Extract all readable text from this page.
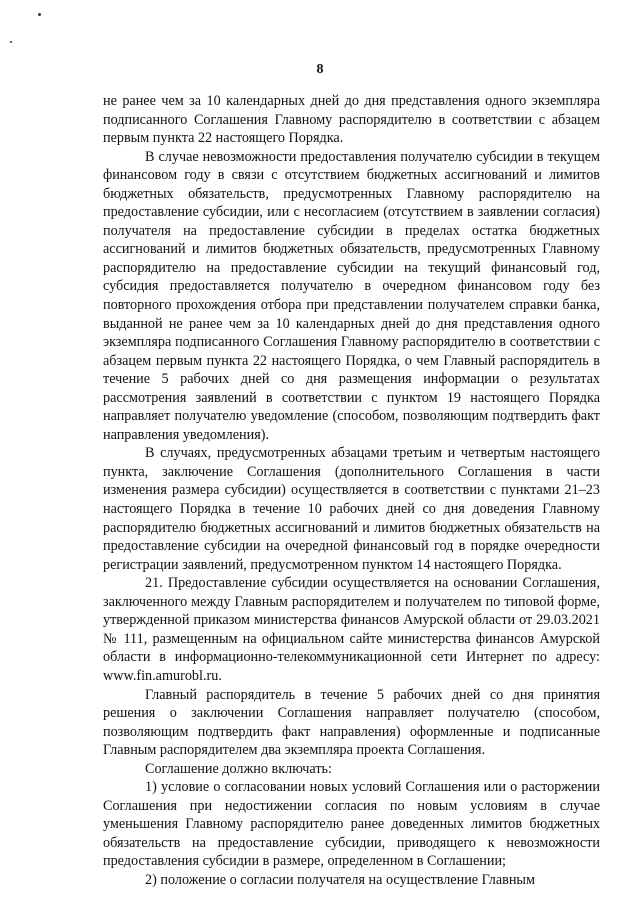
8

не ранее чем за 10 календарных дней до дня представления одного экземпляра подписанного Соглашения Главному распорядителю в соответствии с абзацем первым пункта 22 настоящего Порядка.

В случае невозможности предоставления получателю субсидии в текущем финансовом году в связи с отсутствием бюджетных ассигнований и лимитов бюджетных обязательств, предусмотренных Главному распорядителю на предоставление субсидии, или с несогласием (отсутствием в заявлении согласия) получателя на предоставление субсидии в пределах остатка бюджетных ассигнований и лимитов бюджетных обязательств, предусмотренных Главному распорядителю на предоставление субсидии на текущий финансовый год, субсидия предоставляется получателю в очередном финансовом году без повторного прохождения отбора при представлении получателем справки банка, выданной не ранее чем за 10 календарных дней до дня представления одного экземпляра подписанного Соглашения Главному распорядителю в соответствии с абзацем первым пункта 22 настоящего Порядка, о чем Главный распорядитель в течение 5 рабочих дней со дня размещения информации о результатах рассмотрения заявлений в соответствии с пунктом 19 настоящего Порядка направляет получателю уведомление (способом, позволяющим подтвердить факт направления уведомления).

В случаях, предусмотренных абзацами третьим и четвертым настоящего пункта, заключение Соглашения (дополнительного Соглашения в части изменения размера субсидии) осуществляется в соответствии с пунктами 21–23 настоящего Порядка в течение 10 рабочих дней со дня доведения Главному распорядителю бюджетных ассигнований и лимитов бюджетных обязательств на предоставление субсидии на очередной финансовый год в порядке очередности регистрации заявлений, предусмотренном пунктом 14 настоящего Порядка.

21. Предоставление субсидии осуществляется на основании Соглашения, заключенного между Главным распорядителем и получателем по типовой форме, утвержденной приказом министерства финансов Амурской области от 29.03.2021 № 111, размещенным на официальном сайте министерства финансов Амурской области в информационно-телекоммуникационной сети Интернет по адресу: www.fin.amurobl.ru.

Главный распорядитель в течение 5 рабочих дней со дня принятия решения о заключении Соглашения направляет получателю (способом, позволяющим подтвердить факт направления) оформленные и подписанные Главным распорядителем два экземпляра проекта Соглашения.

Соглашение должно включать:

1) условие о согласовании новых условий Соглашения или о расторжении Соглашения при недостижении согласия по новым условиям в случае уменьшения Главному распорядителю ранее доведенных лимитов бюджетных обязательств на предоставление субсидии, приводящего к невозможности предоставления субсидии в размере, определенном в Соглашении;

2) положение о согласии получателя на осуществление Главным
